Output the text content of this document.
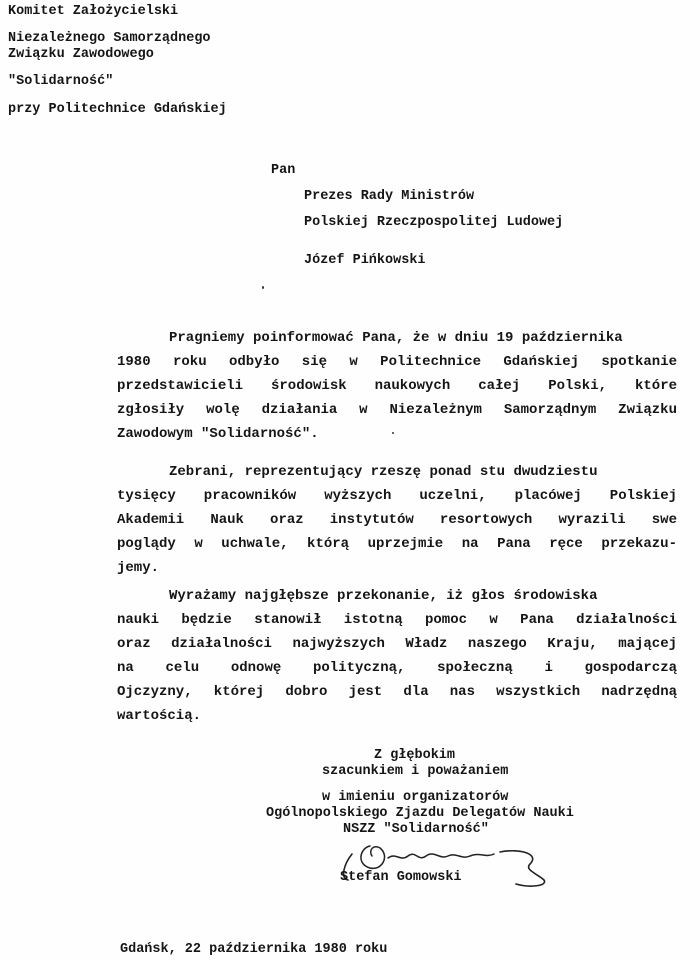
Komitet Założycielski
Niezależnego Samorządnego
Związku Zawodowego
"Solidarność"
przy Politechnice Gdańskiej
Pan
Prezes Rady Ministrów
Polskiej Rzeczpospolitej Ludowej
Józef Pińkowski
Pragniemy poinformować Pana, że w dniu 19 października
1980 roku odbyło się w Politechnice Gdańskiej spotkanie
przedstawicieli środowisk naukowych całej Polski, które
zgłosiły wolę działania w Niezależnym Samorządnym Związku
Zawodowym "Solidarność".
Zebrani, reprezentujący rzeszę ponad stu dwudziestu
tysięcy pracowników wyższych uczelni, placówej Polskiej
Akademii Nauk oraz instytutów resortowych wyrazili swe
poglądy w uchwale, którą uprzejmie na Pana ręce przekazu-
jemy.
Wyrażamy najgłębsze przekonanie, iż głos środowiska
nauki będzie stanowił istotną pomoc w Pana działalności
oraz działalności najwyższych Władz naszego Kraju, mającej
na celu odnowę polityczną, społeczną i gospodarczą
Ojczyzny, której dobro jest dla nas wszystkich nadrzędną
wartością.
Z głębokim
szacunkiem i poważaniem
w imieniu organizatorów
Ogólnopolskiego Zjazdu Delegatów Nauki
NSZZ "Solidarność"
Stefan Gomowski
Gdańsk, 22 października 1980 roku
